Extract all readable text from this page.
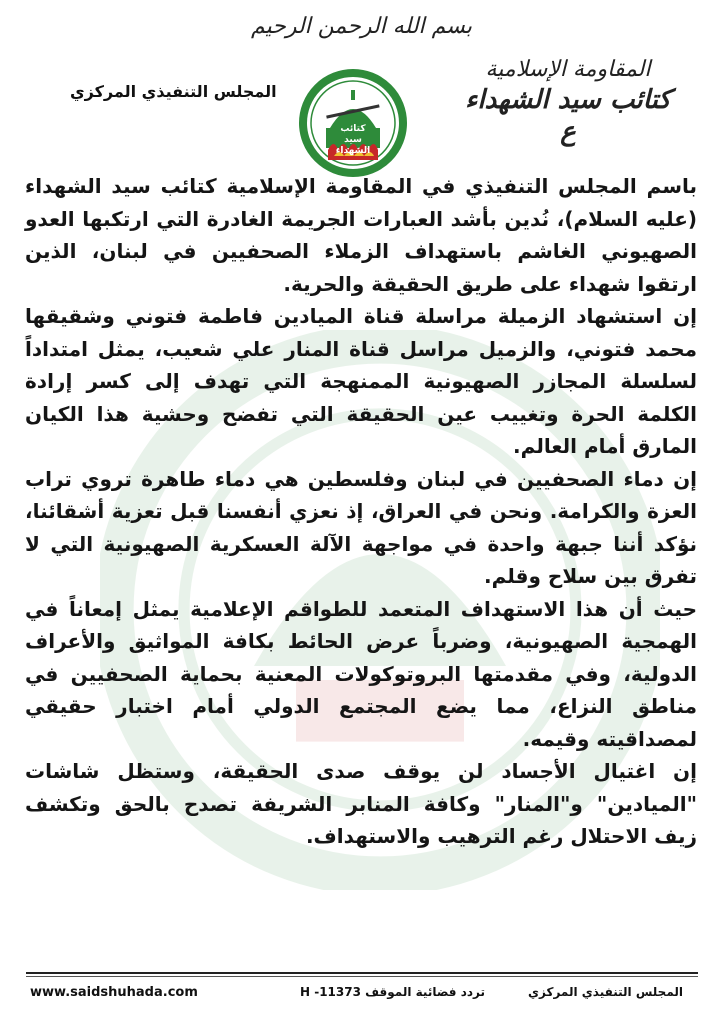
بسم الله الرحمن الرحيم
المقاومة الإسلامية
كتائب سيد الشهداء ع
كتائب
سيد الشهداء
المجلس التنفيذي المركزي

باسم المجلس التنفيذي في المقاومة الإسلامية كتائب سيد الشهداء (عليه السلام)، نُدين بأشد العبارات الجريمة الغادرة التي ارتكبها العدو الصهيوني الغاشم باستهداف الزملاء الصحفيين في لبنان، الذين ارتقوا شهداء على طريق الحقيقة والحرية.

إن استشهاد الزميلة مراسلة قناة الميادين فاطمة فتوني وشقيقها محمد فتوني، والزميل مراسل قناة المنار علي شعيب، يمثل امتداداً لسلسلة المجازر الصهيونية الممنهجة التي تهدف إلى كسر إرادة الكلمة الحرة وتغييب عين الحقيقة التي تفضح وحشية هذا الكيان المارق أمام العالم.

إن دماء الصحفيين في لبنان وفلسطين هي دماء طاهرة تروي تراب العزة والكرامة. ونحن في العراق، إذ نعزي أنفسنا قبل تعزية أشقائنا، نؤكد أننا جبهة واحدة في مواجهة الآلة العسكرية الصهيونية التي لا تفرق بين سلاح وقلم.

حيث أن هذا الاستهداف المتعمد للطواقم الإعلامية يمثل إمعاناً في الهمجية الصهيونية، وضرباً عرض الحائط بكافة المواثيق والأعراف الدولية، وفي مقدمتها البروتوكولات المعنية بحماية الصحفيين في مناطق النزاع، مما يضع المجتمع الدولي أمام اختبار حقيقي لمصداقيته وقيمه.

إن اغتيال الأجساد لن يوقف صدى الحقيقة، وستظل شاشات "الميادين" و"المنار" وكافة المنابر الشريفة تصدح بالحق وتكشف زيف الاحتلال رغم الترهيب والاستهداف.

www.saidshuhada.com	تردد فضائية الموقف H -11373	المجلس التنفيذي المركزي
